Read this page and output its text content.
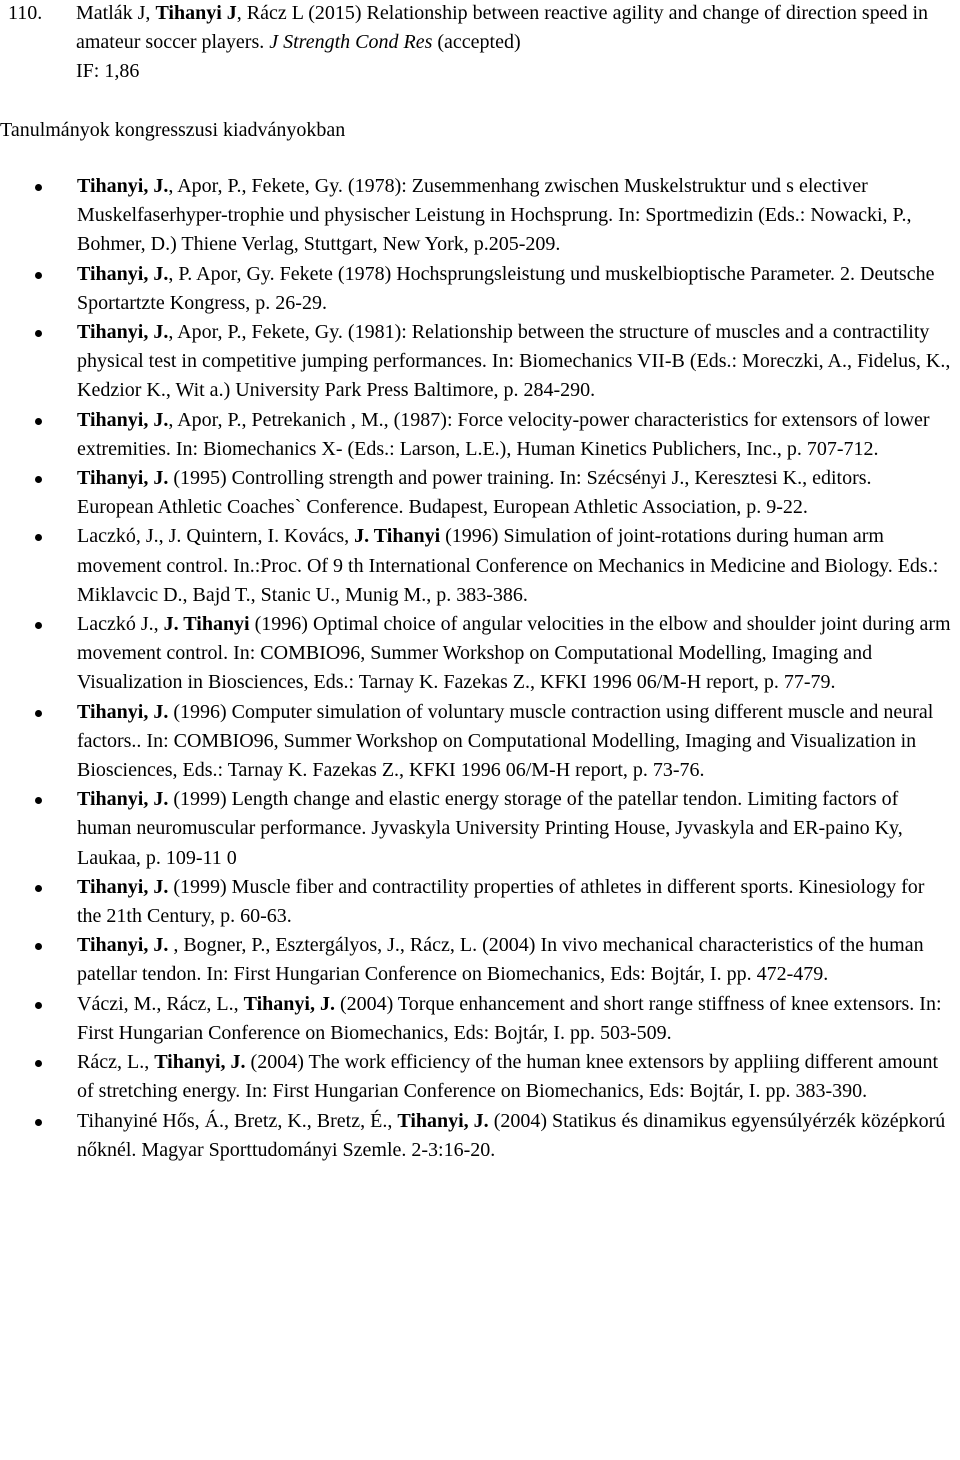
110. Matlák J, Tihanyi J, Rácz L (2015) Relationship between reactive agility and change of direction speed in amateur soccer players. J Strength Cond Res (accepted)
IF: 1,86
Tanulmányok kongresszusi kiadványokban
Tihanyi, J., Apor, P., Fekete, Gy. (1978): Zusemmenhang zwischen Muskelstruktur und s electiver Muskelfaserhyper-trophie und physischer Leistung in Hochsprung. In: Sportmedizin (Eds.: Nowacki, P., Bohmer, D.) Thiene Verlag, Stuttgart, New York, p.205-209.
Tihanyi, J., P. Apor, Gy. Fekete (1978) Hochsprungsleistung und muskelbioptische Parameter. 2. Deutsche Sportartzte Kongress, p. 26-29.
Tihanyi, J., Apor, P., Fekete, Gy. (1981): Relationship between the structure of muscles and a contractility physical test in competitive jumping performances. In: Biomechanics VII-B (Eds.: Moreczki, A., Fidelus, K., Kedzior K., Wit a.) University Park Press Baltimore, p. 284-290.
Tihanyi, J., Apor, P., Petrekanich , M., (1987): Force velocity-power characteristics for extensors of lower extremities. In: Biomechanics X- (Eds.: Larson, L.E.), Human Kinetics Publichers, Inc., p. 707-712.
Tihanyi, J. (1995) Controlling strength and power training. In: Szécsényi J., Keresztesi K., editors. European Athletic Coaches` Conference. Budapest, European Athletic Association, p. 9-22.
Laczkó, J., J. Quintern, I. Kovács, J. Tihanyi (1996) Simulation of joint-rotations during human arm movement control. In.:Proc. Of 9 th International Conference on Mechanics in Medicine and Biology. Eds.: Miklavcic D., Bajd T., Stanic U., Munig M., p. 383-386.
Laczkó J., J. Tihanyi (1996) Optimal choice of angular velocities in the elbow and shoulder joint during arm movement control. In: COMBIO96, Summer Workshop on Computational Modelling, Imaging and Visualization in Biosciences, Eds.: Tarnay K. Fazekas Z., KFKI 1996 06/M-H report, p. 77-79.
Tihanyi, J. (1996) Computer simulation of voluntary muscle contraction using different muscle and neural factors.. In: COMBIO96, Summer Workshop on Computational Modelling, Imaging and Visualization in Biosciences, Eds.: Tarnay K. Fazekas Z., KFKI 1996 06/M-H report, p. 73-76.
Tihanyi, J. (1999) Length change and elastic energy storage of the patellar tendon. Limiting factors of human neuromuscular performance. Jyvaskyla University Printing House, Jyvaskyla and ER-paino Ky, Laukaa, p. 109-11 0
Tihanyi, J. (1999) Muscle fiber and contractility properties of athletes in different sports. Kinesiology for the 21th Century, p. 60-63.
Tihanyi, J. , Bogner, P., Esztergályos, J., Rácz, L. (2004) In vivo mechanical characteristics of the human patellar tendon. In: First Hungarian Conference on Biomechanics, Eds: Bojtár, I. pp. 472-479.
Váczi, M., Rácz, L., Tihanyi, J. (2004) Torque enhancement and short range stiffness of knee extensors. In: First Hungarian Conference on Biomechanics, Eds: Bojtár, I. pp. 503-509.
Rácz, L., Tihanyi, J. (2004) The work efficiency of the human knee extensors by appliing different amount of stretching energy. In: First Hungarian Conference on Biomechanics, Eds: Bojtár, I. pp. 383-390.
Tihanyiné Hős, Á., Bretz, K., Bretz, É., Tihanyi, J. (2004) Statikus és dinamikus egyensúlyérzék középkorú nőknél. Magyar Sporttudományi Szemle. 2-3:16-20.
